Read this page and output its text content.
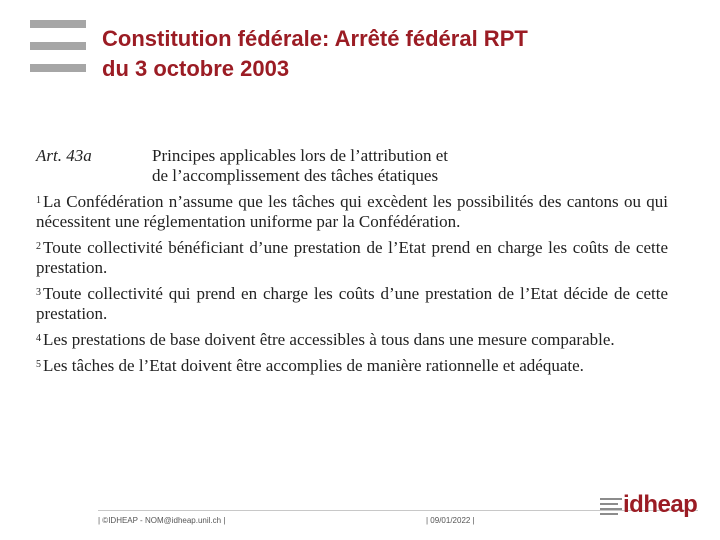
Constitution fédérale: Arrêté fédéral RPT
du 3 octobre 2003
Art. 43a	Principes applicables lors de l’attribution et
de l’accomplissement des tâches étatiques
$^1$ La Confédération n’assume que les tâches qui excèdent les possibilités des cantons ou qui nécessitent une réglementation uniforme par la Confédération.
$^2$ Toute collectivité bénéficiant d’une prestation de l’Etat prend en charge les coûts de cette prestation.
$^3$ Toute collectivité qui prend en charge les coûts d’une prestation de l’Etat décide de cette prestation.
$^4$ Les prestations de base doivent être accessibles à tous dans une mesure comparable.
$^5$ Les tâches de l’Etat doivent être accomplies de manière rationnelle et adéquate.
| ©IDHEAP - NOM@idheap.unil.ch |	| 09/01/2022 |
idheap
